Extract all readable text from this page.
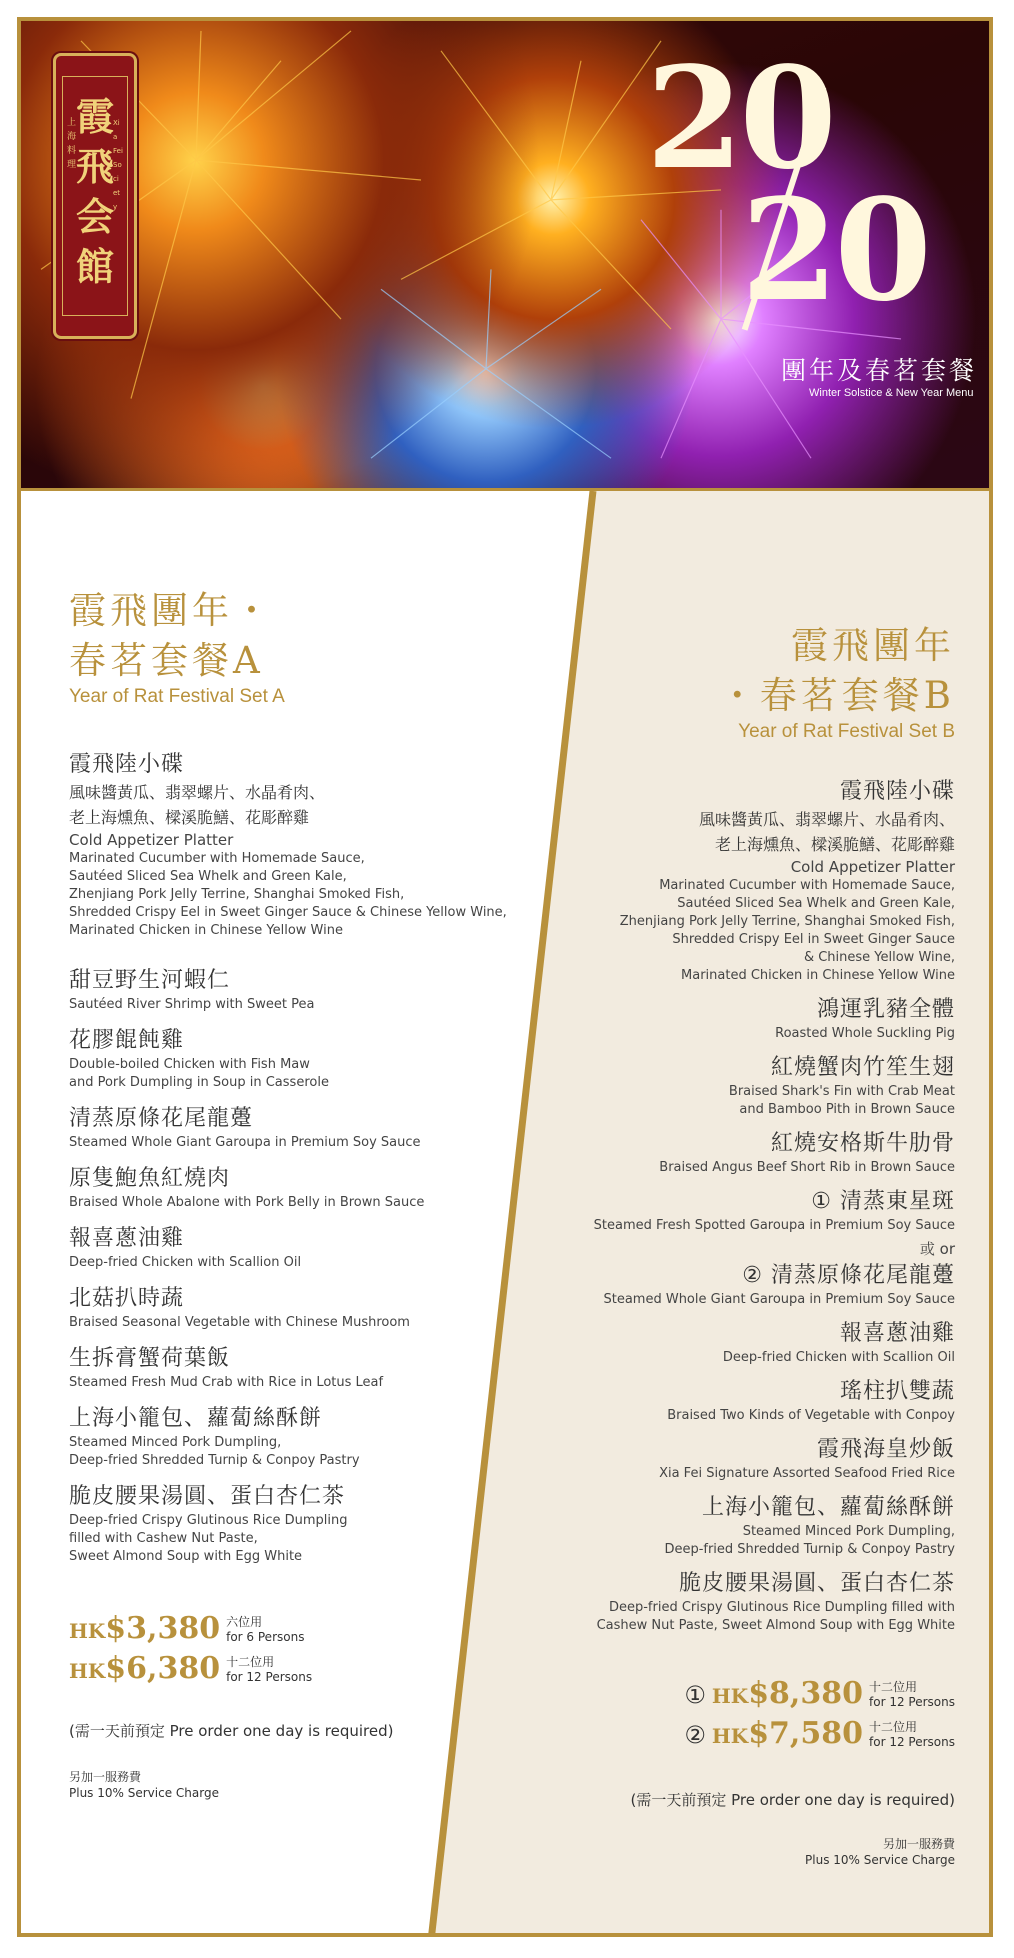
上海料理
Xia Fei Society
霞飛会館
20
20
團年及春茗套餐
Winter Solstice & New Year Menu
霞飛團年・
春茗套餐A
Year of Rat Festival Set A
霞飛陸小碟
風味醬黃瓜、翡翠螺片、水晶肴肉、
老上海燻魚、樑溪脆鱔、花彫醉雞
Cold Appetizer Platter
Marinated Cucumber with Homemade Sauce,
Sautéed Sliced Sea Whelk and Green Kale,
Zhenjiang Pork Jelly Terrine, Shanghai Smoked Fish,
Shredded Crispy Eel in Sweet Ginger Sauce & Chinese Yellow Wine,
Marinated Chicken in Chinese Yellow Wine
甜豆野生河蝦仁
Sautéed River Shrimp with Sweet Pea
花膠餛飩雞
Double-boiled Chicken with Fish Maw
and Pork Dumpling in Soup in Casserole
清蒸原條花尾龍躉
Steamed Whole Giant Garoupa in Premium Soy Sauce
原隻鮑魚紅燒肉
Braised Whole Abalone with Pork Belly in Brown Sauce
報喜蔥油雞
Deep-fried Chicken with Scallion Oil
北菇扒時蔬
Braised Seasonal Vegetable with Chinese Mushroom
生拆膏蟹荷葉飯
Steamed Fresh Mud Crab with Rice in Lotus Leaf
上海小籠包、蘿蔔絲酥餅
Steamed Minced Pork Dumpling,
Deep-fried Shredded Turnip & Conpoy Pastry
脆皮腰果湯圓、蛋白杏仁茶
Deep-fried Crispy Glutinous Rice Dumpling
filled with Cashew Nut Paste,
Sweet Almond Soup with Egg White
HK$3,380 六位用
for 6 Persons
HK$6,380 十二位用
for 12 Persons
(需一天前預定 Pre order one day is required)
另加一服務費
Plus 10% Service Charge
霞飛團年
・春茗套餐B
Year of Rat Festival Set B
霞飛陸小碟
風味醬黃瓜、翡翠螺片、水晶肴肉、
老上海燻魚、樑溪脆鱔、花彫醉雞
Cold Appetizer Platter
Marinated Cucumber with Homemade Sauce,
Sautéed Sliced Sea Whelk and Green Kale,
Zhenjiang Pork Jelly Terrine, Shanghai Smoked Fish,
Shredded Crispy Eel in Sweet Ginger Sauce
& Chinese Yellow Wine,
Marinated Chicken in Chinese Yellow Wine
鴻運乳豬全體
Roasted Whole Suckling Pig
紅燒蟹肉竹笙生翅
Braised Shark's Fin with Crab Meat
and Bamboo Pith in Brown Sauce
紅燒安格斯牛肋骨
Braised Angus Beef Short Rib in Brown Sauce
① 清蒸東星斑
Steamed Fresh Spotted Garoupa in Premium Soy Sauce
或 or
② 清蒸原條花尾龍躉
Steamed Whole Giant Garoupa in Premium Soy Sauce
報喜蔥油雞
Deep-fried Chicken with Scallion Oil
瑤柱扒雙蔬
Braised Two Kinds of Vegetable with Conpoy
霞飛海皇炒飯
Xia Fei Signature Assorted Seafood Fried Rice
上海小籠包、蘿蔔絲酥餅
Steamed Minced Pork Dumpling,
Deep-fried Shredded Turnip & Conpoy Pastry
脆皮腰果湯圓、蛋白杏仁茶
Deep-fried Crispy Glutinous Rice Dumpling filled with
Cashew Nut Paste, Sweet Almond Soup with Egg White
① HK$8,380 十二位用
for 12 Persons
② HK$7,580 十二位用
for 12 Persons
(需一天前預定 Pre order one day is required)
另加一服務費
Plus 10% Service Charge
